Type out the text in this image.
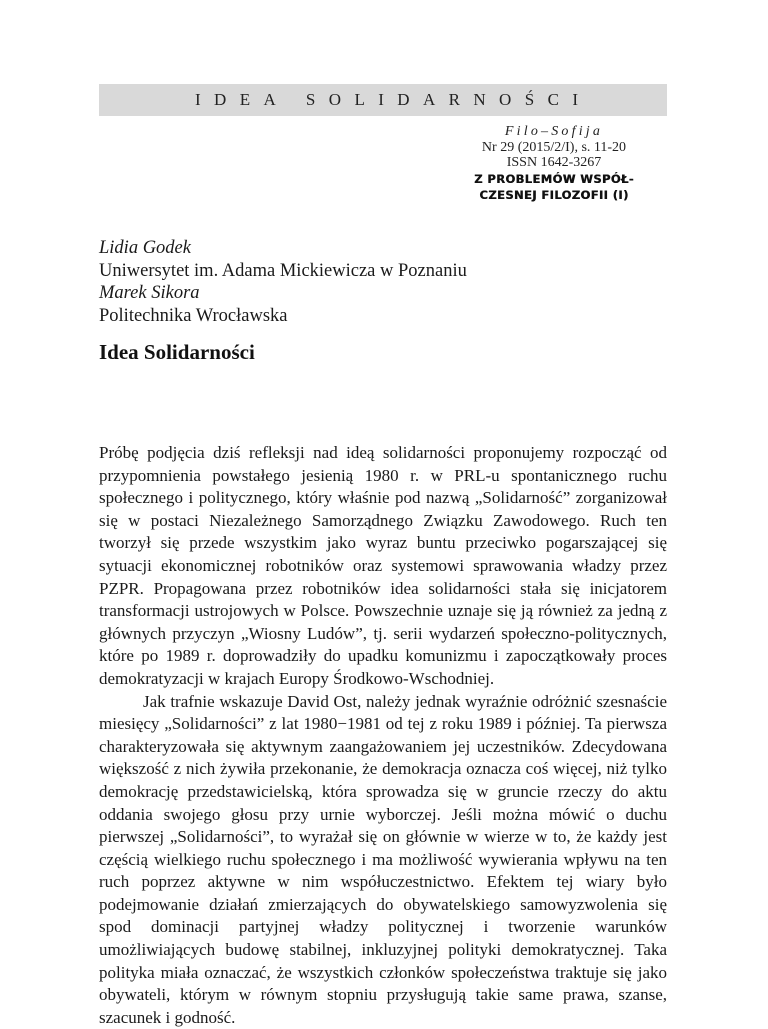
IDEA SOLIDARNOŚCI
Filo–Sofija
Nr 29 (2015/2/I), s. 11-20
ISSN 1642-3267
Z PROBLEMÓW WSPÓŁ-
CZESNEJ FILOZOFII (I)
Lidia Godek
Uniwersytet im. Adama Mickiewicza w Poznaniu
Marek Sikora
Politechnika Wrocławska
Idea Solidarności

Próbę podjęcia dziś refleksji nad ideą solidarności proponujemy rozpocząć od przypomnienia powstałego jesienią 1980 r. w PRL-u spontanicznego ruchu społecznego i politycznego, który właśnie pod nazwą „Solidarność” zorganizował się w postaci Niezależnego Samorządnego Związku Zawodowego. Ruch ten tworzył się przede wszystkim jako wyraz buntu przeciwko pogarszającej się sytuacji ekonomicznej robotników oraz systemowi sprawowania władzy przez PZPR. Propagowana przez robotników idea solidarności stała się inicjatorem transformacji ustrojowych w Polsce. Powszechnie uznaje się ją również za jedną z głównych przyczyn „Wiosny Ludów”, tj. serii wydarzeń społeczno-politycznych, które po 1989 r. doprowadziły do upadku komunizmu i zapoczątkowały proces demokratyzacji w krajach Europy Środkowo-Wschodniej.

Jak trafnie wskazuje David Ost, należy jednak wyraźnie odróżnić szesnaście miesięcy „Solidarności” z lat 1980−1981 od tej z roku 1989 i później. Ta pierwsza charakteryzowała się aktywnym zaangażowaniem jej uczestników. Zdecydowana większość z nich żywiła przekonanie, że demokracja oznacza coś więcej, niż tylko demokrację przedstawicielską, która sprowadza się w gruncie rzeczy do aktu oddania swojego głosu przy urnie wyborczej. Jeśli można mówić o duchu pierwszej „Solidarności”, to wyrażał się on głównie w wierze w to, że każdy jest częścią wielkiego ruchu społecznego i ma możliwość wywierania wpływu na ten ruch poprzez aktywne w nim współuczestnictwo. Efektem tej wiary było podejmowanie działań zmierzających do obywatelskiego samowyzwolenia się spod dominacji partyjnej władzy politycznej i tworzenie warunków umożliwiających budowę stabilnej, inkluzyjnej polityki demokratycznej. Taka polityka miała oznaczać, że wszystkich członków społeczeństwa traktuje się jako obywateli, którym w równym stopniu przysługują takie same prawa, szanse, szacunek i godność.
